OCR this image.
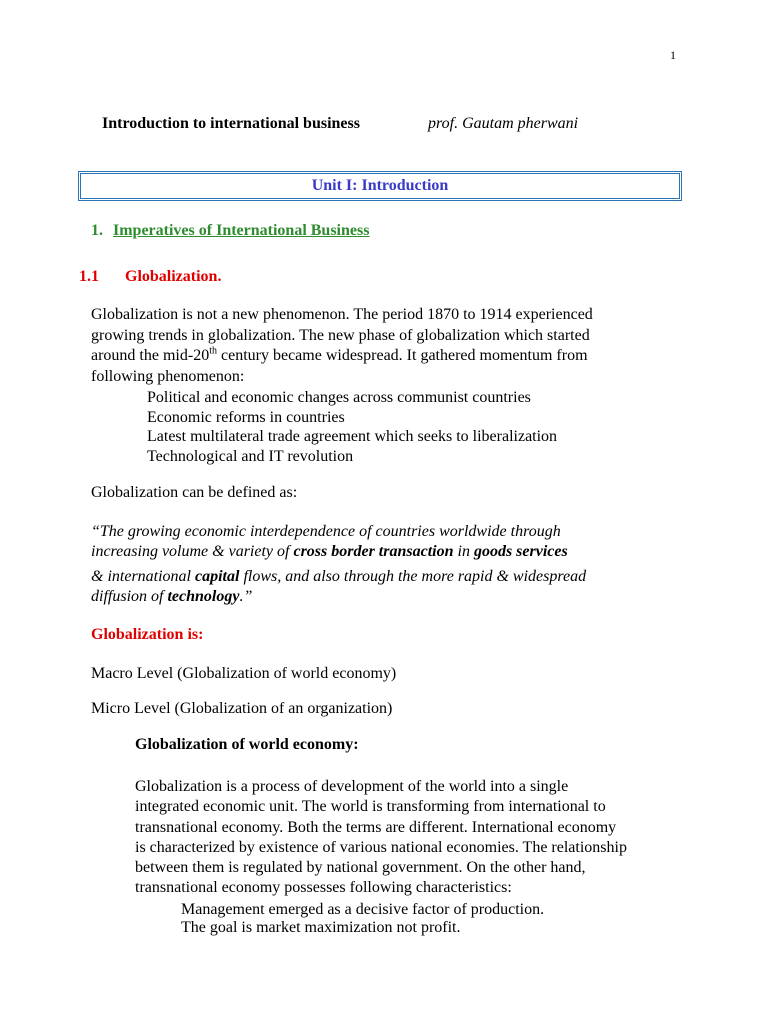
1
Introduction to international business	prof. Gautam pherwani
Unit I: Introduction
1. Imperatives of International Business
1.1 Globalization.
Globalization is not a new phenomenon. The period 1870 to 1914 experienced
growing trends in globalization. The new phase of globalization which started
around the mid-20th century became widespread. It gathered momentum from
following phenomenon:
Political and economic changes across communist countries
Economic reforms in countries
Latest multilateral trade agreement which seeks to liberalization
Technological and IT revolution
Globalization can be defined as:
“The growing economic interdependence of countries worldwide through
increasing volume & variety of cross border transaction in goods services
& international capital flows, and also through the more rapid & widespread
diffusion of technology.”
Globalization is:
Macro Level (Globalization of world economy)
Micro Level (Globalization of an organization)
Globalization of world economy:
Globalization is a process of development of the world into a single
integrated economic unit. The world is transforming from international to
transnational economy. Both the terms are different. International economy
is characterized by existence of various national economies. The relationship
between them is regulated by national government. On the other hand,
transnational economy possesses following characteristics:
Management emerged as a decisive factor of production.
The goal is market maximization not profit.
